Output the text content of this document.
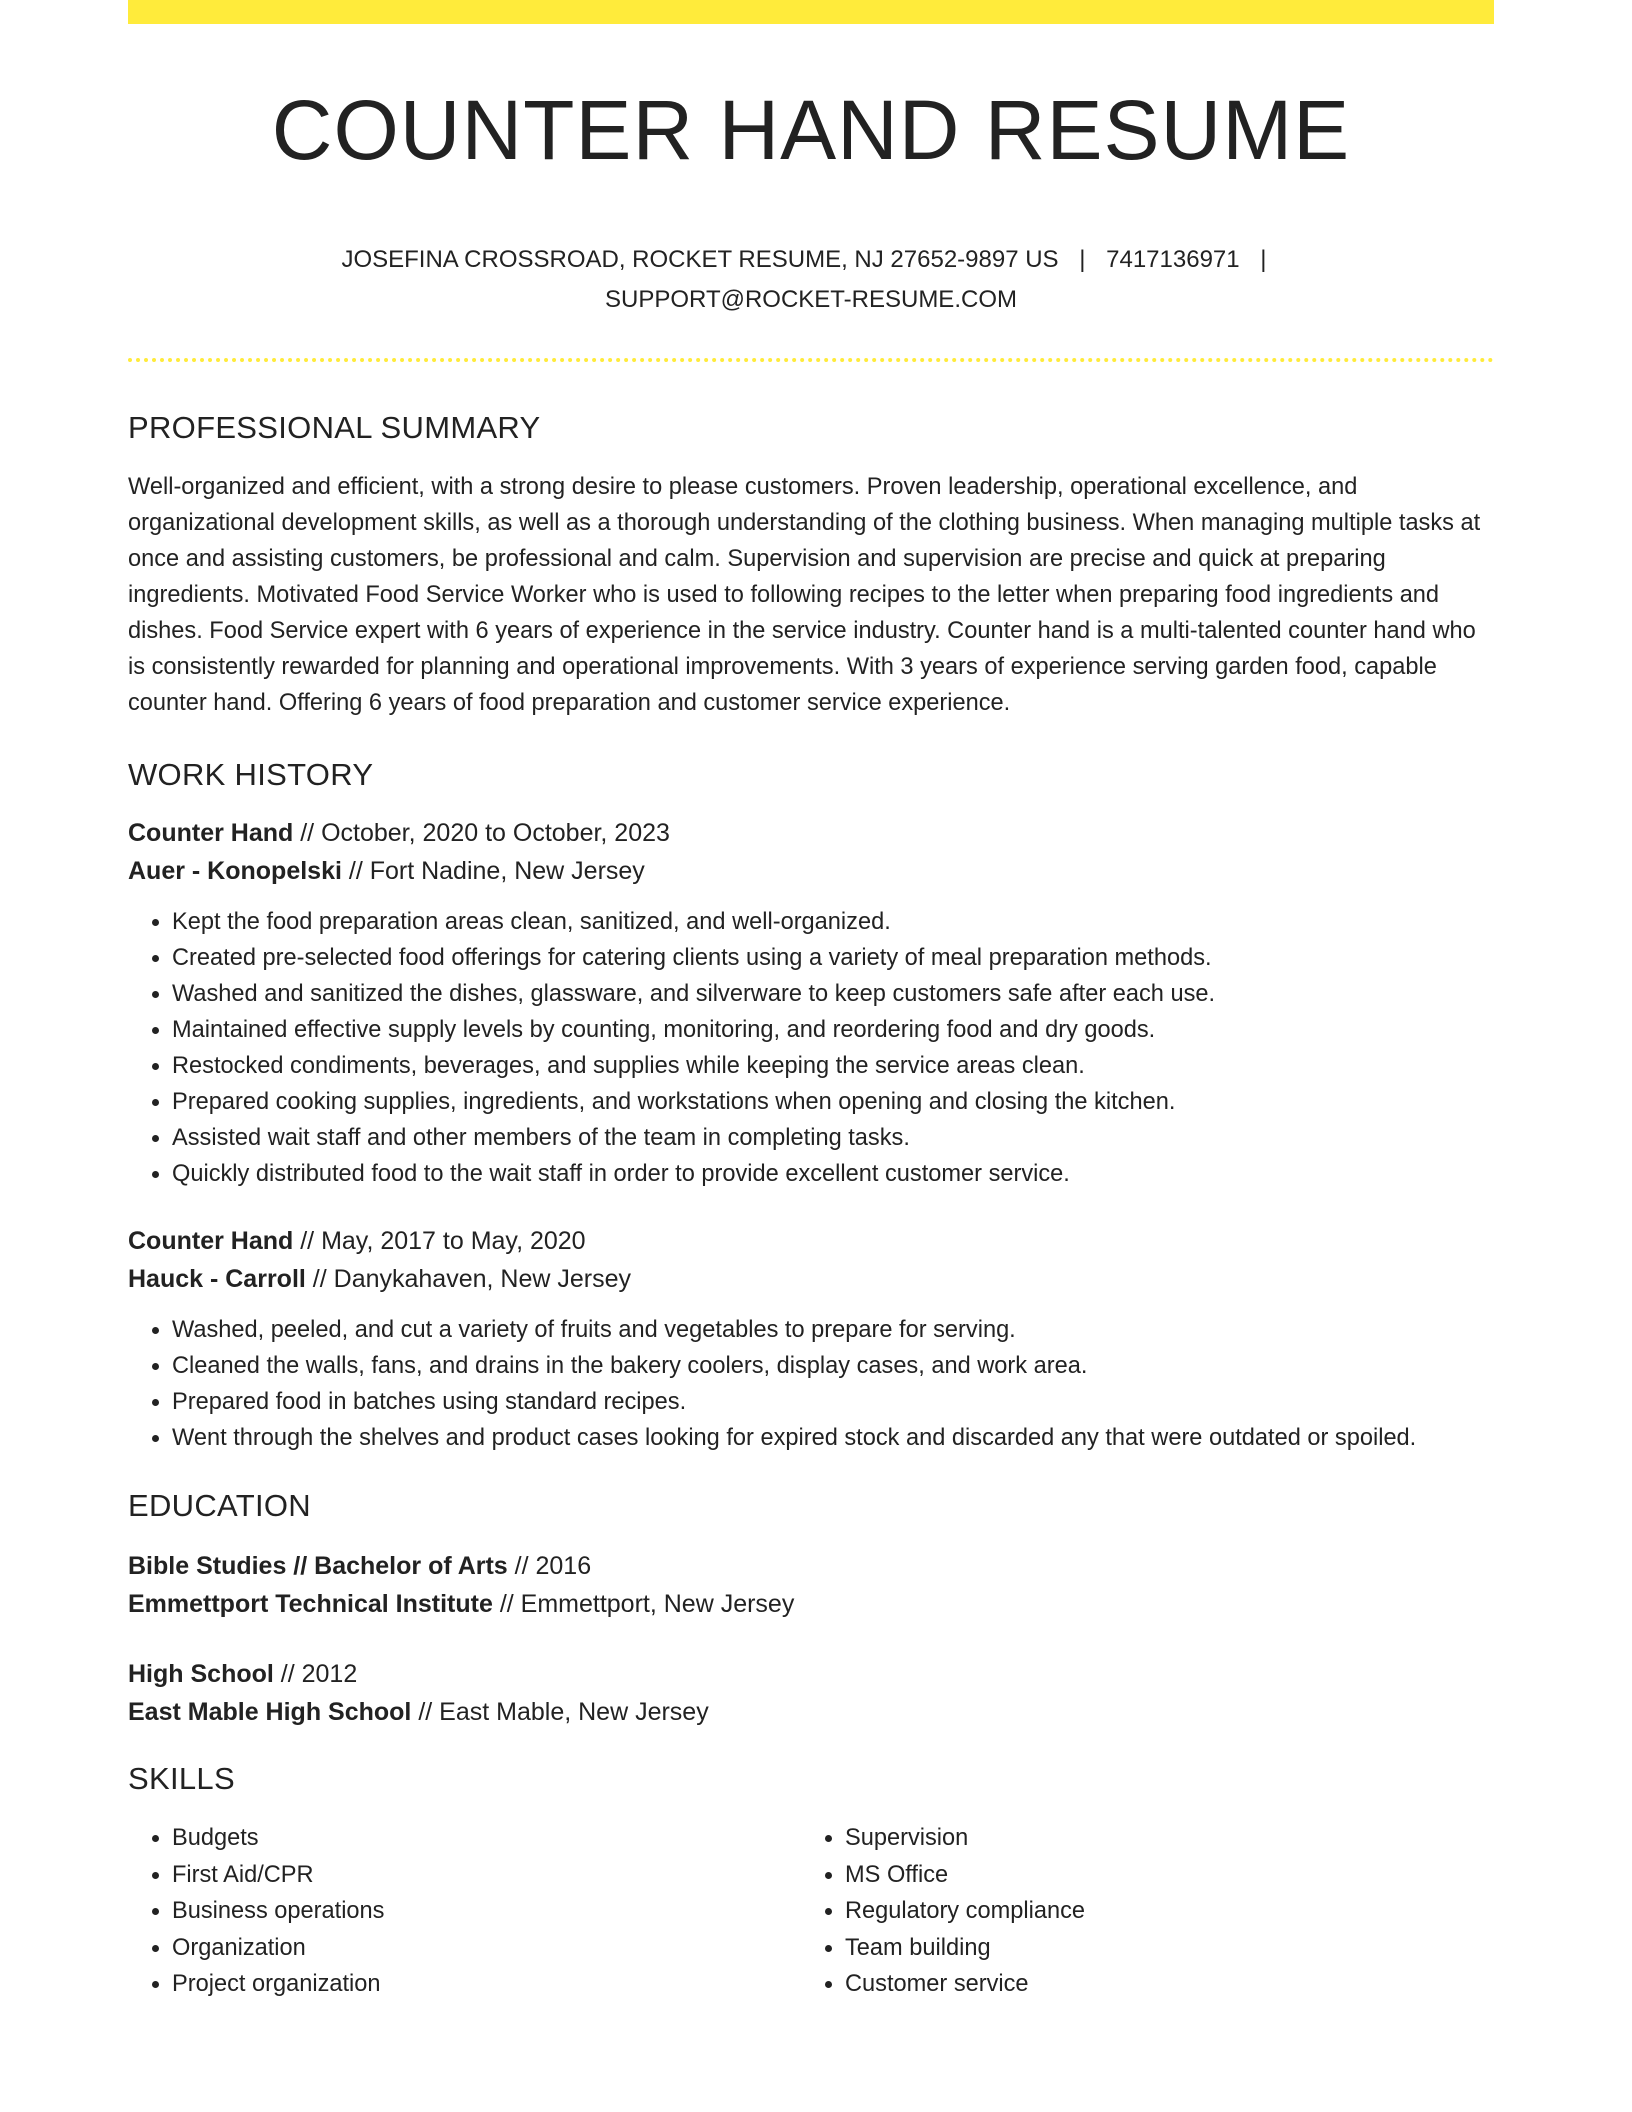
COUNTER HAND RESUME
JOSEFINA CROSSROAD, ROCKET RESUME, NJ 27652-9897 US | 7417136971 |
SUPPORT@ROCKET-RESUME.COM
PROFESSIONAL SUMMARY
Well-organized and efficient, with a strong desire to please customers. Proven leadership, operational excellence, and organizational development skills, as well as a thorough understanding of the clothing business. When managing multiple tasks at once and assisting customers, be professional and calm. Supervision and supervision are precise and quick at preparing ingredients. Motivated Food Service Worker who is used to following recipes to the letter when preparing food ingredients and dishes. Food Service expert with 6 years of experience in the service industry. Counter hand is a multi-talented counter hand who is consistently rewarded for planning and operational improvements. With 3 years of experience serving garden food, capable counter hand. Offering 6 years of food preparation and customer service experience.
WORK HISTORY
Counter Hand // October, 2020 to October, 2023
Auer - Konopelski // Fort Nadine, New Jersey
• Kept the food preparation areas clean, sanitized, and well-organized.
• Created pre-selected food offerings for catering clients using a variety of meal preparation methods.
• Washed and sanitized the dishes, glassware, and silverware to keep customers safe after each use.
• Maintained effective supply levels by counting, monitoring, and reordering food and dry goods.
• Restocked condiments, beverages, and supplies while keeping the service areas clean.
• Prepared cooking supplies, ingredients, and workstations when opening and closing the kitchen.
• Assisted wait staff and other members of the team in completing tasks.
• Quickly distributed food to the wait staff in order to provide excellent customer service.
Counter Hand // May, 2017 to May, 2020
Hauck - Carroll // Danykahaven, New Jersey
• Washed, peeled, and cut a variety of fruits and vegetables to prepare for serving.
• Cleaned the walls, fans, and drains in the bakery coolers, display cases, and work area.
• Prepared food in batches using standard recipes.
• Went through the shelves and product cases looking for expired stock and discarded any that were outdated or spoiled.
EDUCATION
Bible Studies // Bachelor of Arts // 2016
Emmettport Technical Institute // Emmettport, New Jersey
High School // 2012
East Mable High School // East Mable, New Jersey
SKILLS
• Budgets
• First Aid/CPR
• Business operations
• Organization
• Project organization
• Supervision
• MS Office
• Regulatory compliance
• Team building
• Customer service
